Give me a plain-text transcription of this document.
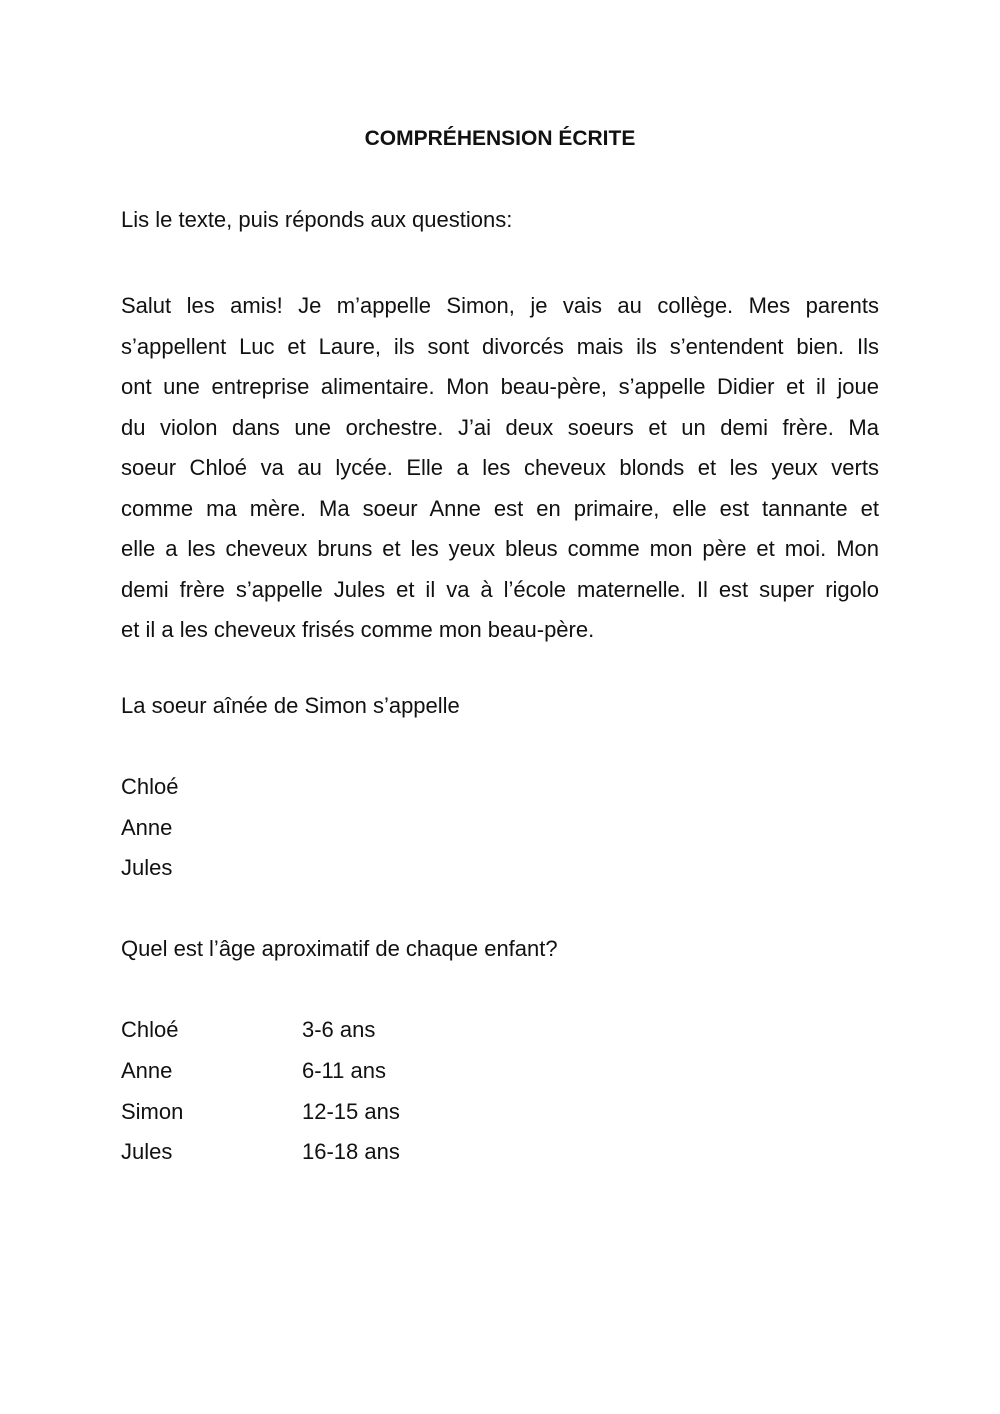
COMPRÉHENSION ÉCRITE
Lis le texte, puis réponds aux questions:
Salut les amis! Je m’appelle Simon, je vais au collège. Mes parents
s’appellent Luc et Laure, ils sont divorcés mais ils s’entendent bien. Ils
ont une entreprise alimentaire. Mon beau-père, s’appelle Didier et il joue
du violon dans une orchestre. J’ai deux soeurs et un demi frère. Ma
soeur Chloé va au lycée. Elle a les cheveux blonds et les yeux verts
comme ma mère. Ma soeur Anne est en primaire, elle est tannante et
elle a les cheveux bruns et les yeux bleus comme mon père et moi. Mon
demi frère s’appelle Jules et il va à l’école maternelle. Il est super rigolo
et il a les cheveux frisés comme mon beau-père.
La soeur aînée de Simon s’appelle
Chloé
Anne
Jules
Quel est l’âge aproximatif de chaque enfant?
Chloé	3-6 ans
Anne	6-11 ans
Simon	12-15 ans
Jules	16-18 ans
